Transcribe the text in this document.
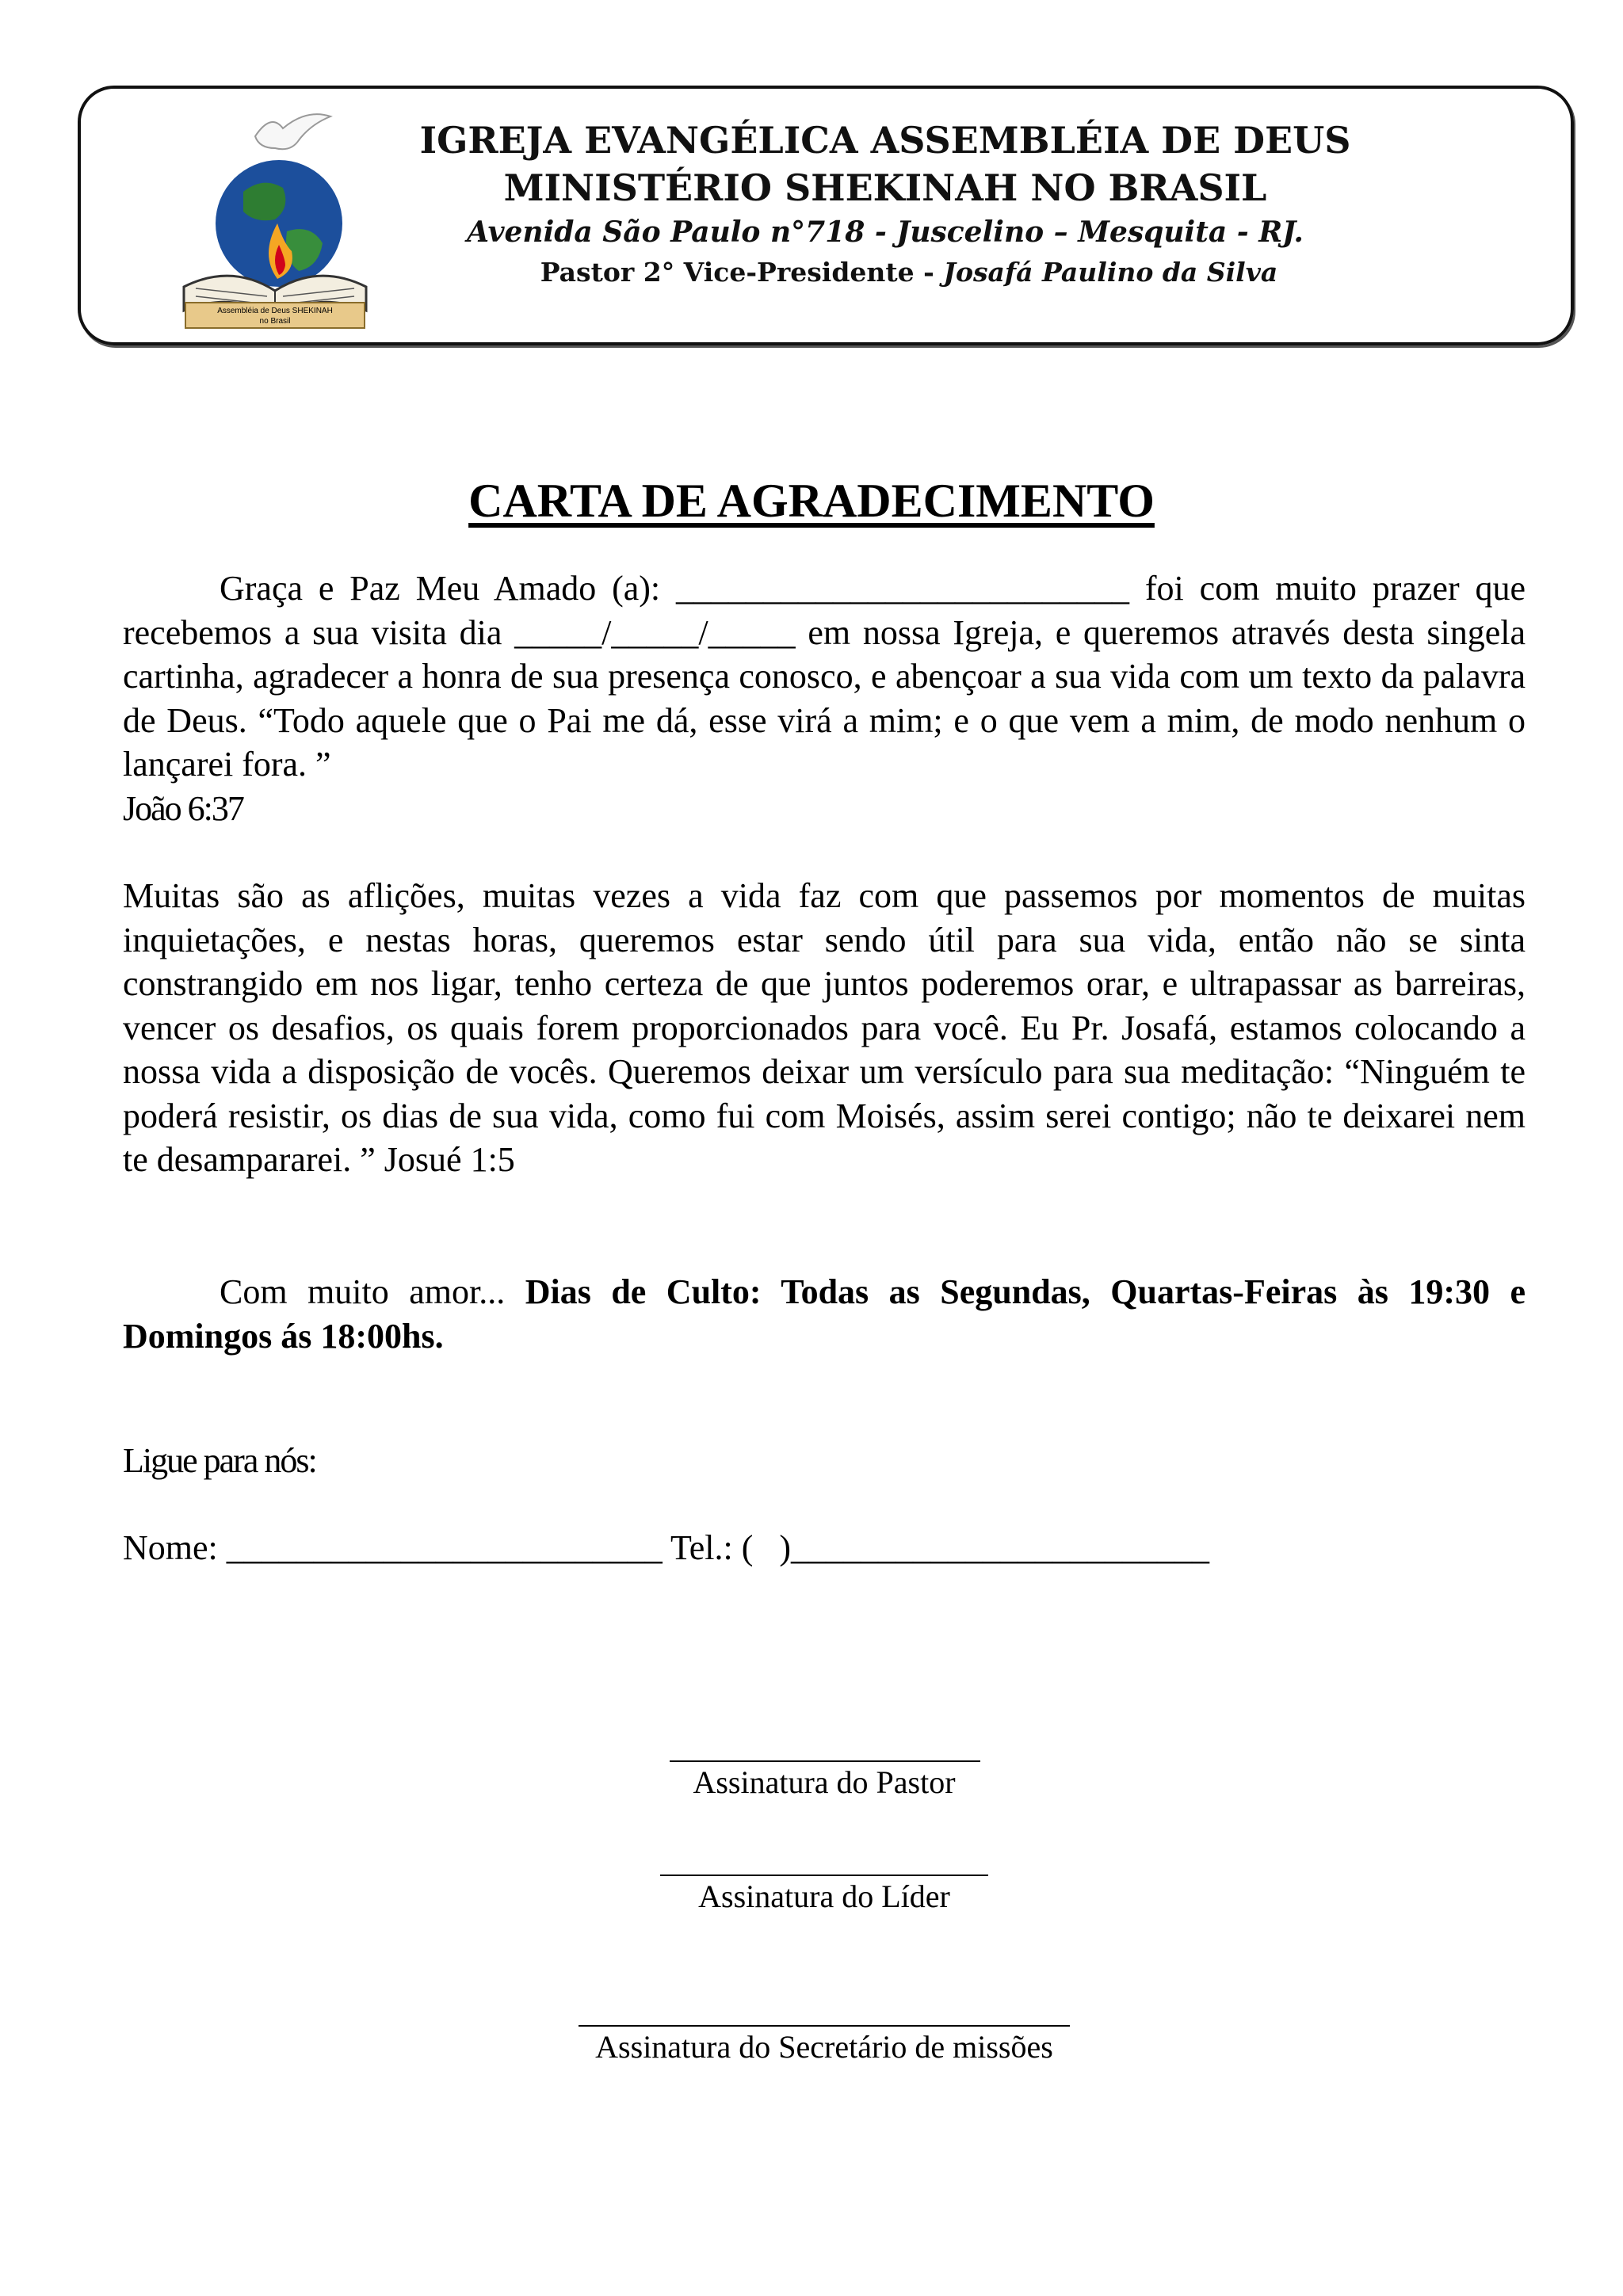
Assembléia de Deus SHEKINAH
no Brasil
IGREJA EVANGÉLICA ASSEMBLÉIA DE DEUS
MINISTÉRIO SHEKINAH NO BRASIL
Avenida São Paulo n°718 - Juscelino – Mesquita - RJ.
Pastor 2° Vice-Presidente - Josafá Paulino da Silva
CARTA DE AGRADECIMENTO
Graça e Paz Meu Amado (a): __________________________ foi com muito prazer que recebemos a sua visita dia _____/_____/_____ em nossa Igreja, e queremos através desta singela cartinha, agradecer a honra de sua presença conosco, e abençoar a sua vida com um texto da palavra de Deus. “Todo aquele que o Pai me dá, esse virá a mim; e o que vem a mim, de modo nenhum o lançarei fora. ”
João 6:37
Muitas são as aflições, muitas vezes a vida faz com que passemos por momentos de muitas inquietações, e nestas horas, queremos estar sendo útil para sua vida, então não se sinta constrangido em nos ligar, tenho certeza de que juntos poderemos orar, e ultrapassar as barreiras, vencer os desafios, os quais forem proporcionados para você. Eu Pr. Josafá, estamos colocando a nossa vida a disposição de vocês. Queremos deixar um versículo para sua meditação: “Ninguém te poderá resistir, os dias de sua vida, como fui com Moisés, assim serei contigo; não te deixarei nem te desampararei. ” Josué 1:5
Com muito amor... Dias de Culto: Todas as Segundas, Quartas-Feiras às 19:30 e Domingos ás 18:00hs.
Ligue para nós:
Nome: _________________________ Tel.: (   )________________________
Assinatura do Pastor
Assinatura do Líder
Assinatura do Secretário de missões
